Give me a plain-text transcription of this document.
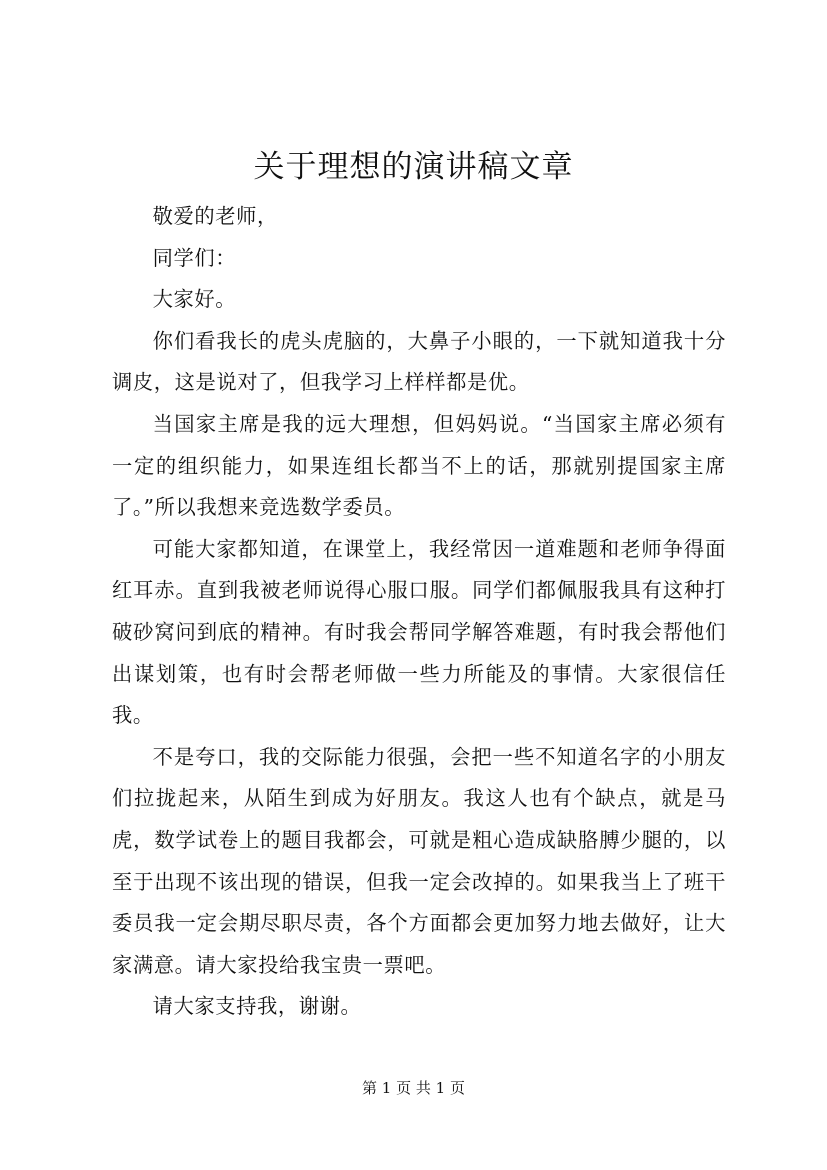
关于理想的演讲稿文章

敬爱的老师，

同学们：

大家好。

你们看我长的虎头虎脑的，大鼻子小眼的，一下就知道我十分调皮，这是说对了，但我学习上样样都是优。

当国家主席是我的远大理想，但妈妈说。“当国家主席必须有一定的组织能力，如果连组长都当不上的话，那就别提国家主席了。”所以我想来竞选数学委员。

可能大家都知道，在课堂上，我经常因一道难题和老师争得面红耳赤。直到我被老师说得心服口服。同学们都佩服我具有这种打破砂窝问到底的精神。有时我会帮同学解答难题，有时我会帮他们出谋划策，也有时会帮老师做一些力所能及的事情。大家很信任我。

不是夸口，我的交际能力很强，会把一些不知道名字的小朋友们拉拢起来，从陌生到成为好朋友。我这人也有个缺点，就是马虎，数学试卷上的题目我都会，可就是粗心造成缺胳膊少腿的，以至于出现不该出现的错误，但我一定会改掉的。如果我当上了班干委员我一定会期尽职尽责，各个方面都会更加努力地去做好，让大家满意。请大家投给我宝贵一票吧。

请大家支持我，谢谢。

第 1 页 共 1 页
